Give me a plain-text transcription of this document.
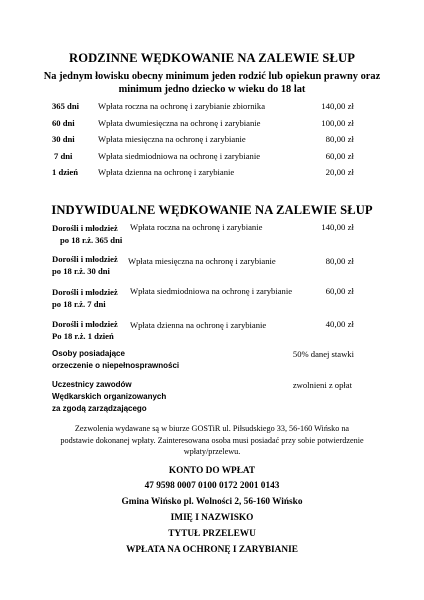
RODZINNE WĘDKOWANIE NA ZALEWIE SŁUP
Na jednym łowisku obecny minimum jeden rodzić lub opiekun prawny oraz
minimum jedno dziecko w wieku do 18 lat
365 dni Wpłata roczna na ochronę i zarybianie zbiornika	140,00 zł
60 dni	Wpłata dwumiesięczna na ochronę i zarybianie	100,00 zł
30 dni	Wpłata miesięczna na ochronę i zarybianie	80,00 zł
7 dni	Wpłata siedmiodniowa na ochronę i zarybianie	60,00 zł
1 dzień Wpłata dzienna na ochronę i zarybianie	20,00 zł
INDYWIDUALNE WĘDKOWANIE NA ZALEWIE SŁUP
Dorośli i młodzież
po 18 r.ż. 365 dni
Wpłata roczna na ochronę i zarybianie	140,00 zł
Dorośli i młodzież
po 18 r.ż. 30 dni
Wpłata miesięczna na ochronę i zarybianie	80,00 zł
Dorośli i młodzież
po 18 r.ż. 7 dni
Wpłata siedmiodniowa na ochronę i zarybianie	60,00 zł
Dorośli i młodzież
Po 18 r.ż. 1 dzień
Wpłata dzienna na ochronę i zarybianie	40,00 zł
Osoby posiadające
orzeczenie o niepełnosprawności
50% danej stawki
Uczestnicy zawodów
Wędkarskich organizowanych
za zgodą zarządzającego
zwolnieni z opłat
Zezwolenia wydawane są w biurze GOSTiR ul. Piłsudskiego 33, 56-160 Wińsko na
podstawie dokonanej wpłaty. Zainteresowana osoba musi posiadać przy sobie potwierdzenie
wpłaty/przelewu.
KONTO DO WPŁAT
47 9598 0007 0100 0172 2001 0143
Gmina Wińsko pl. Wolności 2, 56-160 Wińsko
IMIĘ I NAZWISKO
TYTUŁ PRZELEWU
WPŁATA NA OCHRONĘ I ZARYBIANIE
